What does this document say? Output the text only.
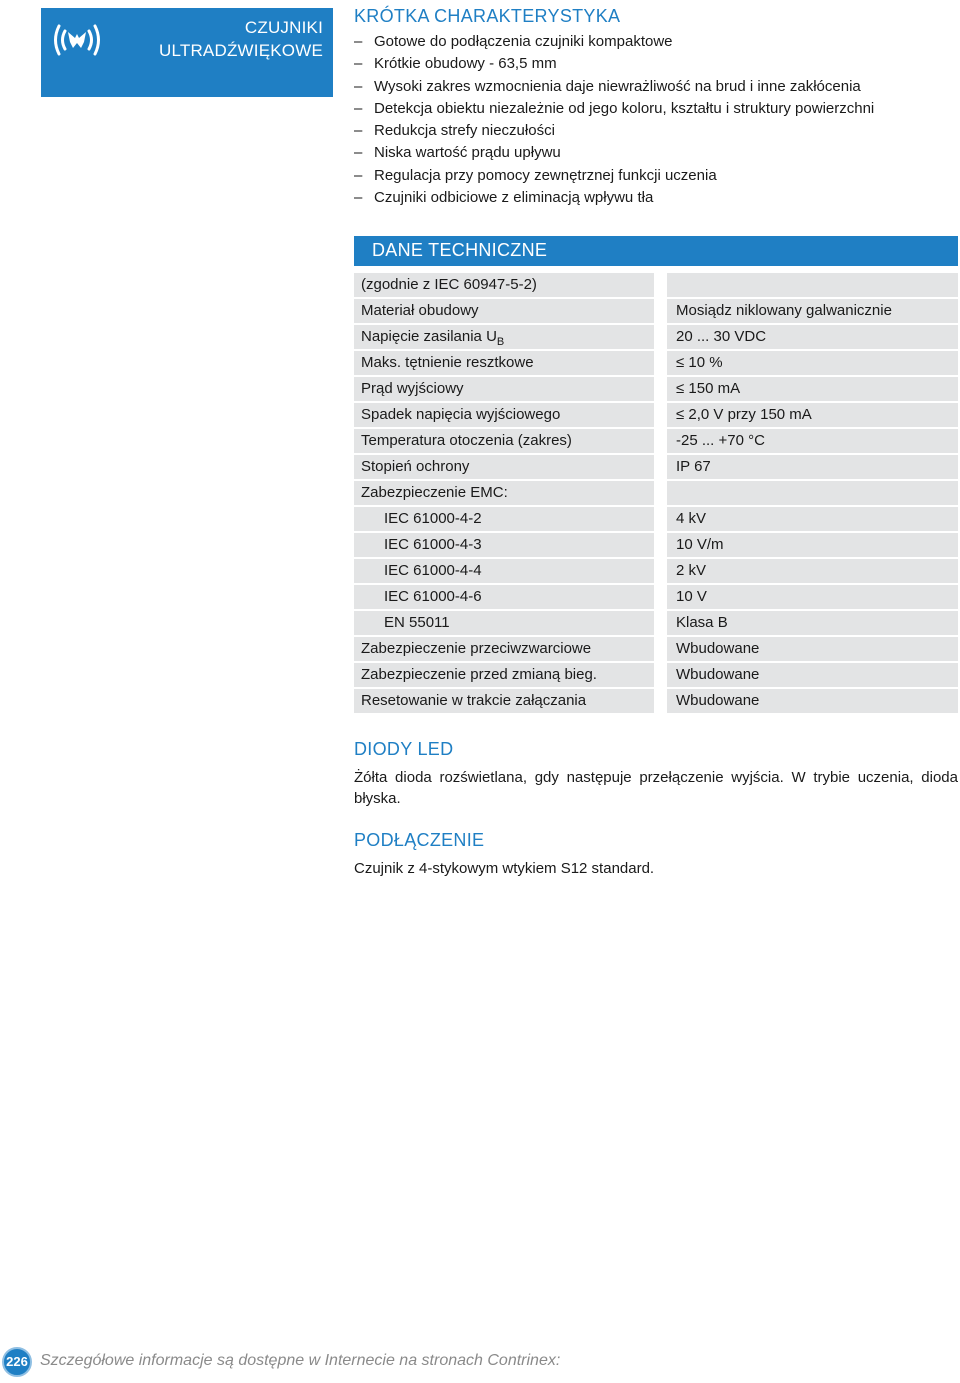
CZUJNIKI
ULTRADŹWIĘKOWE
KRÓTKA CHARAKTERYSTYKA
– Gotowe do podłączenia czujniki kompaktowe
– Krótkie obudowy - 63,5 mm
– Wysoki zakres wzmocnienia daje niewrażliwość na brud i inne zakłócenia
– Detekcja obiektu niezależnie od jego koloru, kształtu i struktury powierzchni
– Redukcja strefy nieczułości
– Niska wartość prądu upływu
– Regulacja przy pomocy zewnętrznej funkcji uczenia
– Czujniki odbiciowe z eliminacją wpływu tła
DANE TECHNICZNE
(zgodnie z IEC 60947-5-2)
Materiał obudowy	Mosiądz niklowany galwanicznie
Napięcie zasilania $U_B$	20 ... 30 VDC
Maks. tętnienie resztkowe	≤ 10 %
Prąd wyjściowy	≤ 150 mA
Spadek napięcia wyjściowego	≤ 2,0 V przy 150 mA
Temperatura otoczenia (zakres)	-25 ... +70 °C
Stopień ochrony	IP 67
Zabezpieczenie EMC:
IEC 61000-4-2	4 kV
IEC 61000-4-3	10 V/m
IEC 61000-4-4	2 kV
IEC 61000-4-6	10 V
EN 55011	Klasa B
Zabezpieczenie przeciwzwarciowe	Wbudowane
Zabezpieczenie przed zmianą bieg.	Wbudowane
Resetowanie w trakcie załączania	Wbudowane
DIODY LED
Żółta dioda rozświetlana, gdy następuje przełączenie wyjścia. W trybie uczenia, dioda błyska.
PODŁĄCZENIE
Czujnik z 4-stykowym wtykiem S12 standard.
226 Szczegółowe informacje są dostępne w Internecie na stronach Contrinex:
